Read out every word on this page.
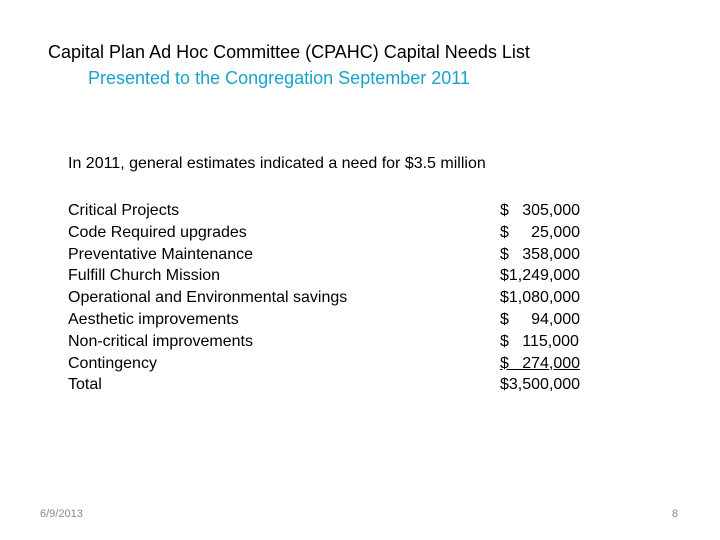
Capital Plan Ad Hoc Committee (CPAHC) Capital Needs List
Presented to the Congregation September 2011
In 2011, general estimates indicated a need for $3.5 million
Critical Projects	$   305,000
Code Required upgrades	$     25,000
Preventative Maintenance	$   358,000
Fulfill Church Mission	$1,249,000
Operational and Environmental savings	$1,080,000
Aesthetic improvements	$     94,000
Non-critical improvements	$   115,000
Contingency	$   274,000
Total	$3,500,000
6/9/2013	8
